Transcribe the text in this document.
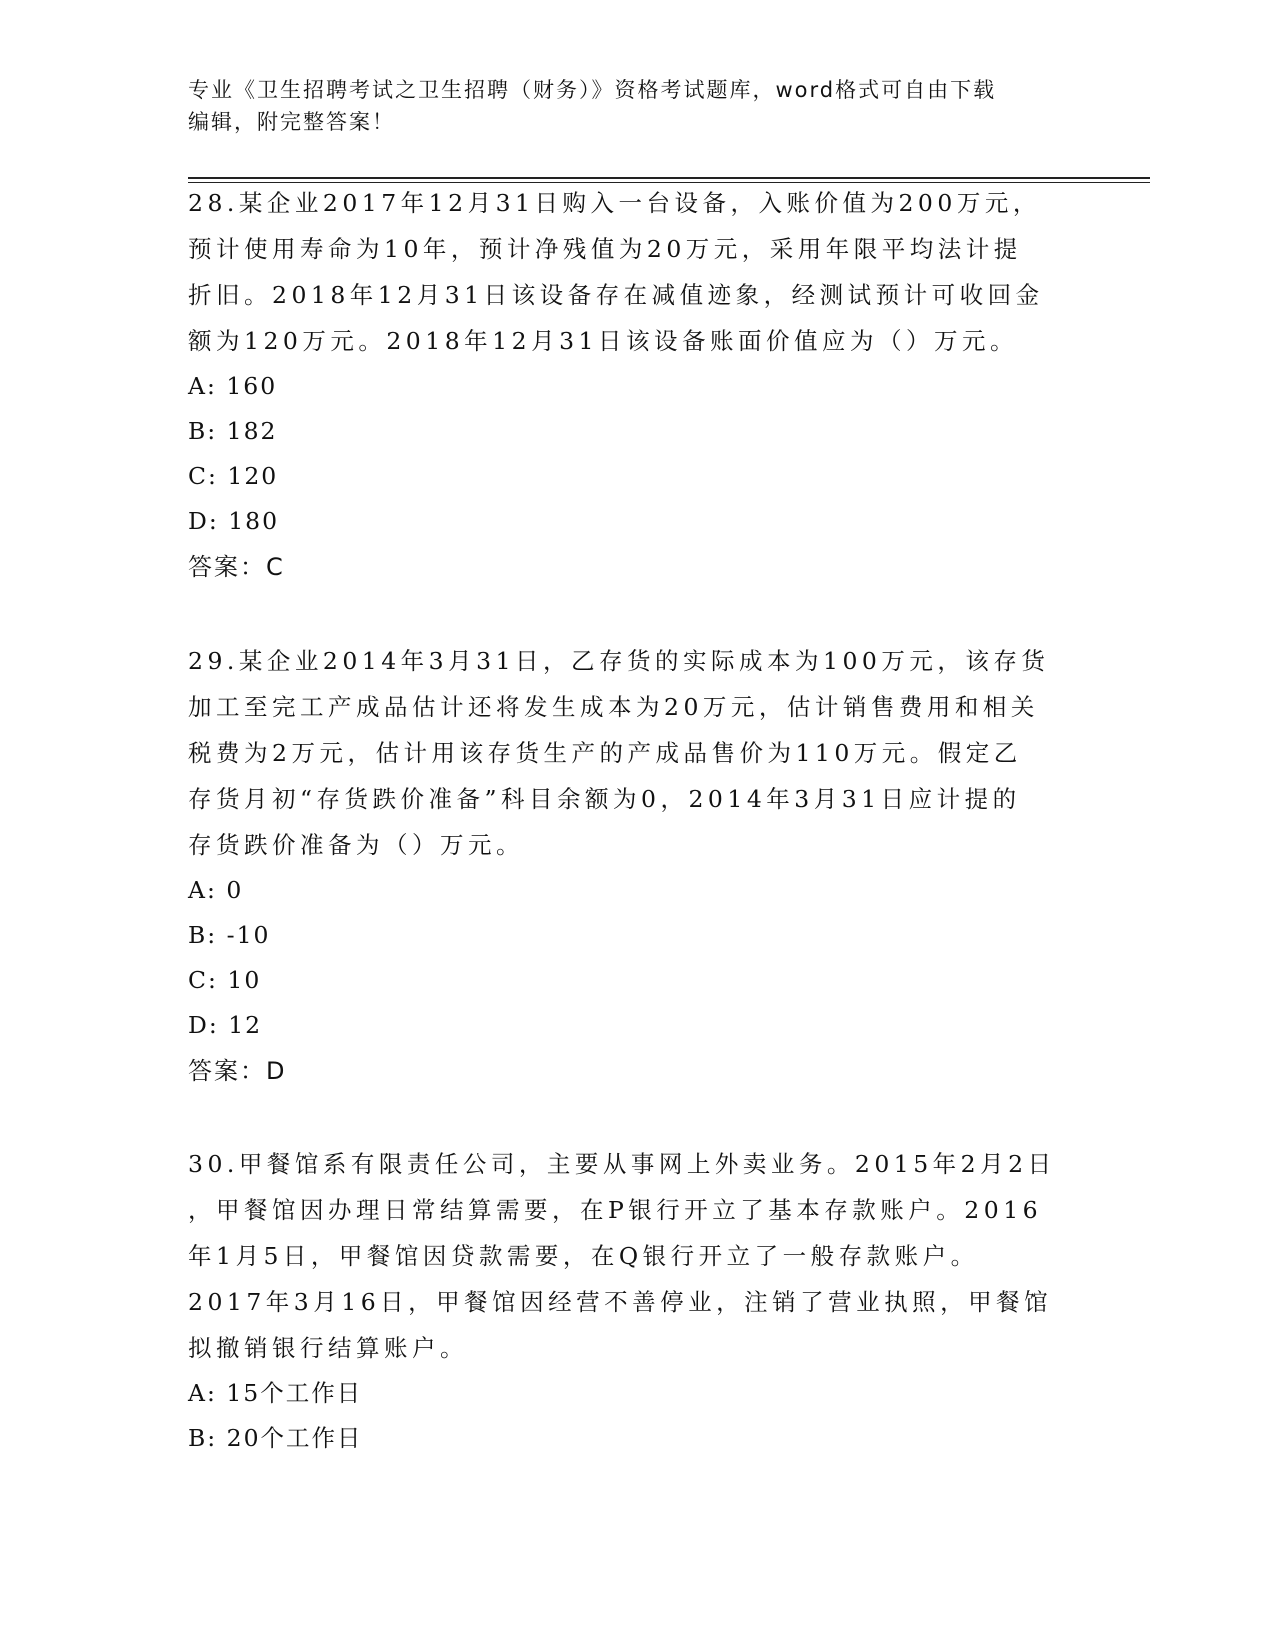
专业《卫生招聘考试之卫生招聘（财务）》资格考试题库，word格式可自由下载
编辑，附完整答案！
28.某企业2017年12月31日购入一台设备，入账价值为200万元，
预计使用寿命为10年，预计净残值为20万元，采用年限平均法计提
折旧。2018年12月31日该设备存在减值迹象，经测试预计可收回金
额为120万元。2018年12月31日该设备账面价值应为（）万元。
A: 160
B: 182
C: 120
D: 180
答案：C
29.某企业2014年3月31日，乙存货的实际成本为100万元，该存货
加工至完工产成品估计还将发生成本为20万元，估计销售费用和相关
税费为2万元，估计用该存货生产的产成品售价为110万元。假定乙
存货月初“存货跌价准备”科目余额为0，2014年3月31日应计提的
存货跌价准备为（）万元。
A: 0
B: -10
C: 10
D: 12
答案：D
30.甲餐馆系有限责任公司，主要从事网上外卖业务。2015年2月2日
，甲餐馆因办理日常结算需要，在P银行开立了基本存款账户。2016
年1月5日，甲餐馆因贷款需要，在Q银行开立了一般存款账户。
2017年3月16日，甲餐馆因经营不善停业，注销了营业执照，甲餐馆
拟撤销银行结算账户。
A: 15个工作日
B: 20个工作日
